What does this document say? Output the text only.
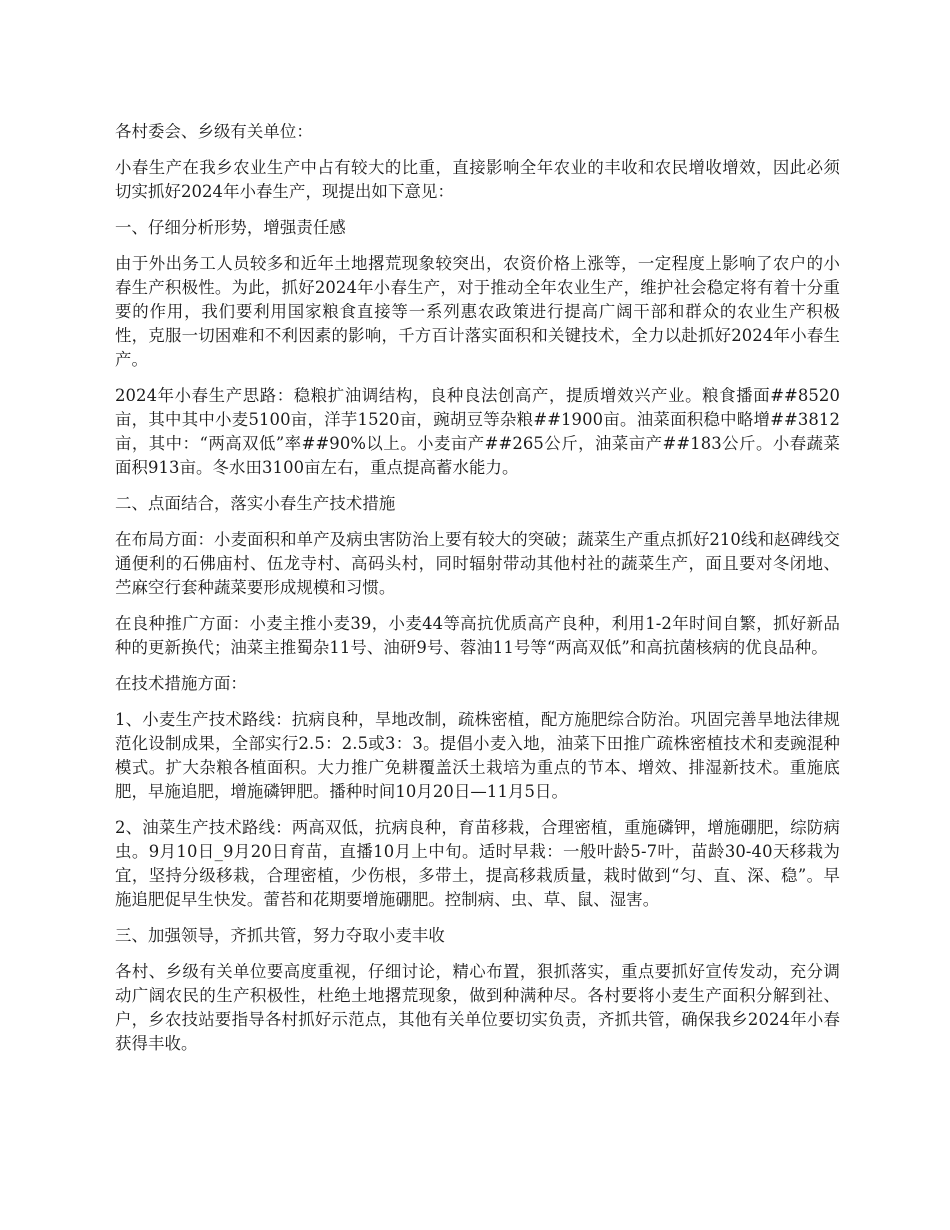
各村委会、乡级有关单位：

小春生产在我乡农业生产中占有较大的比重，直接影响全年农业的丰收和农民增收增效，因此必须切实抓好2024年小春生产，现提出如下意见：

一、仔细分析形势，增强责任感

由于外出务工人员较多和近年土地撂荒现象较突出，农资价格上涨等，一定程度上影响了农户的小春生产积极性。为此，抓好2024年小春生产，对于推动全年农业生产，维护社会稳定将有着十分重要的作用，我们要利用国家粮食直接等一系列惠农政策进行提高广阔干部和群众的农业生产积极性，克服一切困难和不利因素的影响，千方百计落实面积和关键技术，全力以赴抓好2024年小春生产。

2024年小春生产思路：稳粮扩油调结构，良种良法创高产，提质增效兴产业。粮食播面##8520亩，其中其中小麦5100亩，洋芋1520亩，豌胡豆等杂粮##1900亩。油菜面积稳中略增##3812亩，其中：“两高双低”率##90%以上。小麦亩产##265公斤，油菜亩产##183公斤。小春蔬菜面积913亩。冬水田3100亩左右，重点提高蓄水能力。

二、点面结合，落实小春生产技术措施

在布局方面：小麦面积和单产及病虫害防治上要有较大的突破；蔬菜生产重点抓好210线和赵碑线交通便利的石佛庙村、伍龙寺村、高码头村，同时辐射带动其他村社的蔬菜生产，面且要对冬闭地、苎麻空行套种蔬菜要形成规模和习惯。

在良种推广方面：小麦主推小麦39，小麦44等高抗优质高产良种，利用1-2年时间自繁，抓好新品种的更新换代；油菜主推蜀杂11号、油研9号、蓉油11号等“两高双低”和高抗菌核病的优良品种。

在技术措施方面：

1、小麦生产技术路线：抗病良种，旱地改制，疏株密植，配方施肥综合防治。巩固完善旱地法律规范化设制成果，全部实行2.5：2.5或3：3。提倡小麦入地，油菜下田推广疏株密植技术和麦豌混种模式。扩大杂粮各植面积。大力推广免耕覆盖沃土栽培为重点的节本、增效、排湿新技术。重施底肥，早施追肥，增施磷钾肥。播种时间10月20日—11月5日。

2、油菜生产技术路线：两高双低，抗病良种，育苗移栽，合理密植，重施磷钾，增施硼肥，综防病虫。9月10日_9月20日育苗，直播10月上中旬。适时早栽：一般叶龄5-7叶，苗龄30-40天移栽为宜，坚持分级移栽，合理密植，少伤根，多带土，提高移栽质量，栽时做到“匀、直、深、稳”。早施追肥促早生快发。蕾苔和花期要增施硼肥。控制病、虫、草、鼠、湿害。

三、加强领导，齐抓共管，努力夺取小麦丰收

各村、乡级有关单位要高度重视，仔细讨论，精心布置，狠抓落实，重点要抓好宣传发动，充分调动广阔农民的生产积极性，杜绝土地撂荒现象，做到种满种尽。各村要将小麦生产面积分解到社、户，乡农技站要指导各村抓好示范点，其他有关单位要切实负责，齐抓共管，确保我乡2024年小春获得丰收。
